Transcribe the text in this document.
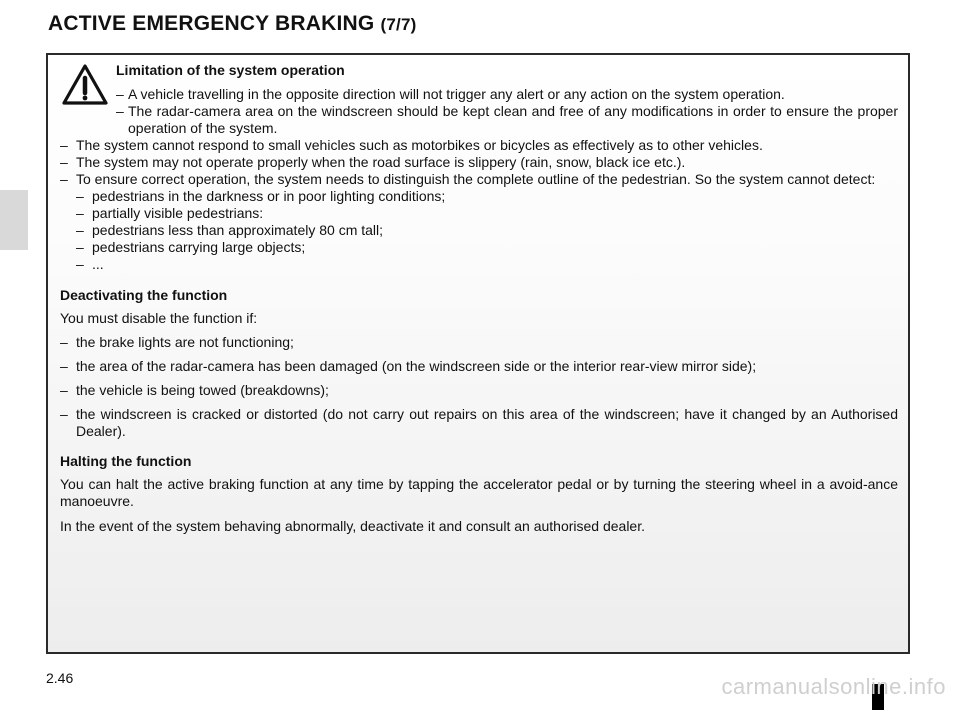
ACTIVE EMERGENCY BRAKING (7/7)
Limitation of the system operation
– A vehicle travelling in the opposite direction will not trigger any alert or any action on the system operation.
– The radar-camera area on the windscreen should be kept clean and free of any modifications in order to ensure the proper operation of the system.
– The system cannot respond to small vehicles such as motorbikes or bicycles as effectively as to other vehicles.
– The system may not operate properly when the road surface is slippery (rain, snow, black ice etc.).
– To ensure correct operation, the system needs to distinguish the complete outline of the pedestrian. So the system cannot detect:
– pedestrians in the darkness or in poor lighting conditions;
– partially visible pedestrians:
– pedestrians less than approximately 80 cm tall;
– pedestrians carrying large objects;
– ...
Deactivating the function
You must disable the function if:
– the brake lights are not functioning;
– the area of the radar-camera has been damaged (on the windscreen side or the interior rear-view mirror side);
– the vehicle is being towed (breakdowns);
– the windscreen is cracked or distorted (do not carry out repairs on this area of the windscreen; have it changed by an Authorised Dealer).
Halting the function
You can halt the active braking function at any time by tapping the accelerator pedal or by turning the steering wheel in a avoid-ance manoeuvre.
In the event of the system behaving abnormally, deactivate it and consult an authorised dealer.
2.46	carmanualsonline.info
